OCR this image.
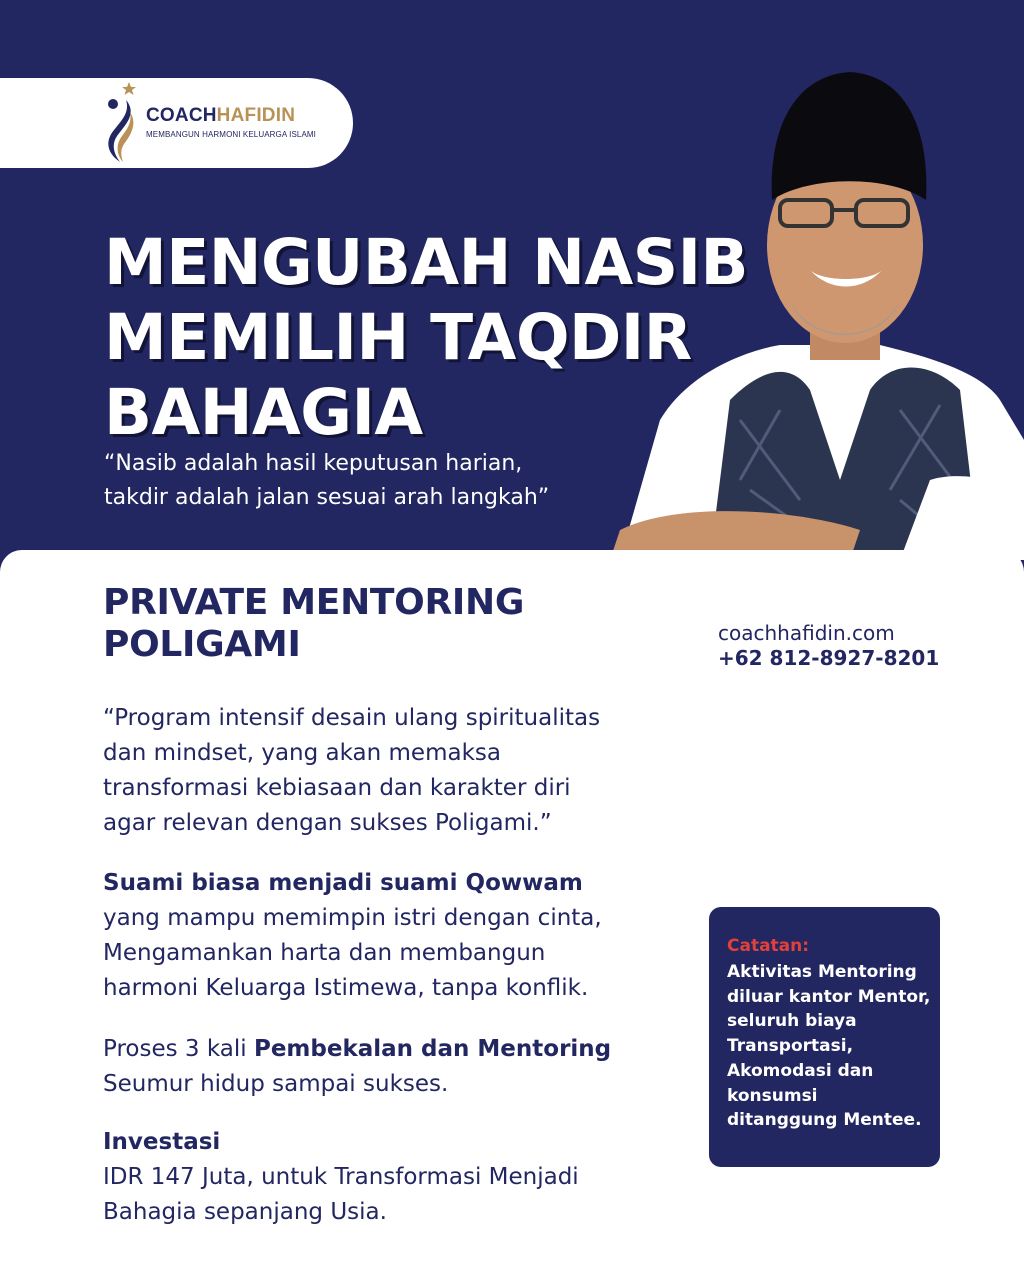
COACHHAFIDIN
MEMBANGUN HARMONI KELUARGA ISLAMI
MENGUBAH NASIB
MEMILIH TAQDIR
BAHAGIA
“Nasib adalah hasil keputusan harian,
takdir adalah jalan sesuai arah langkah”
PRIVATE MENTORING
POLIGAMI	coachhafidin.com
+62 812-8927-8201
“Program intensif desain ulang spiritualitas
dan mindset, yang akan memaksa
transformasi kebiasaan dan karakter diri
agar relevan dengan sukses Poligami.”
Suami biasa menjadi suami Qowwam
yang mampu memimpin istri dengan cinta,
Mengamankan harta dan membangun
harmoni Keluarga Istimewa, tanpa konflik.
Proses 3 kali Pembekalan dan Mentoring
Seumur hidup sampai sukses.
Investasi
IDR 147 Juta, untuk Transformasi Menjadi
Bahagia sepanjang Usia.
Catatan:
Aktivitas Mentoring
diluar kantor Mentor,
seluruh biaya
Transportasi,
Akomodasi dan
konsumsi
ditanggung Mentee.
